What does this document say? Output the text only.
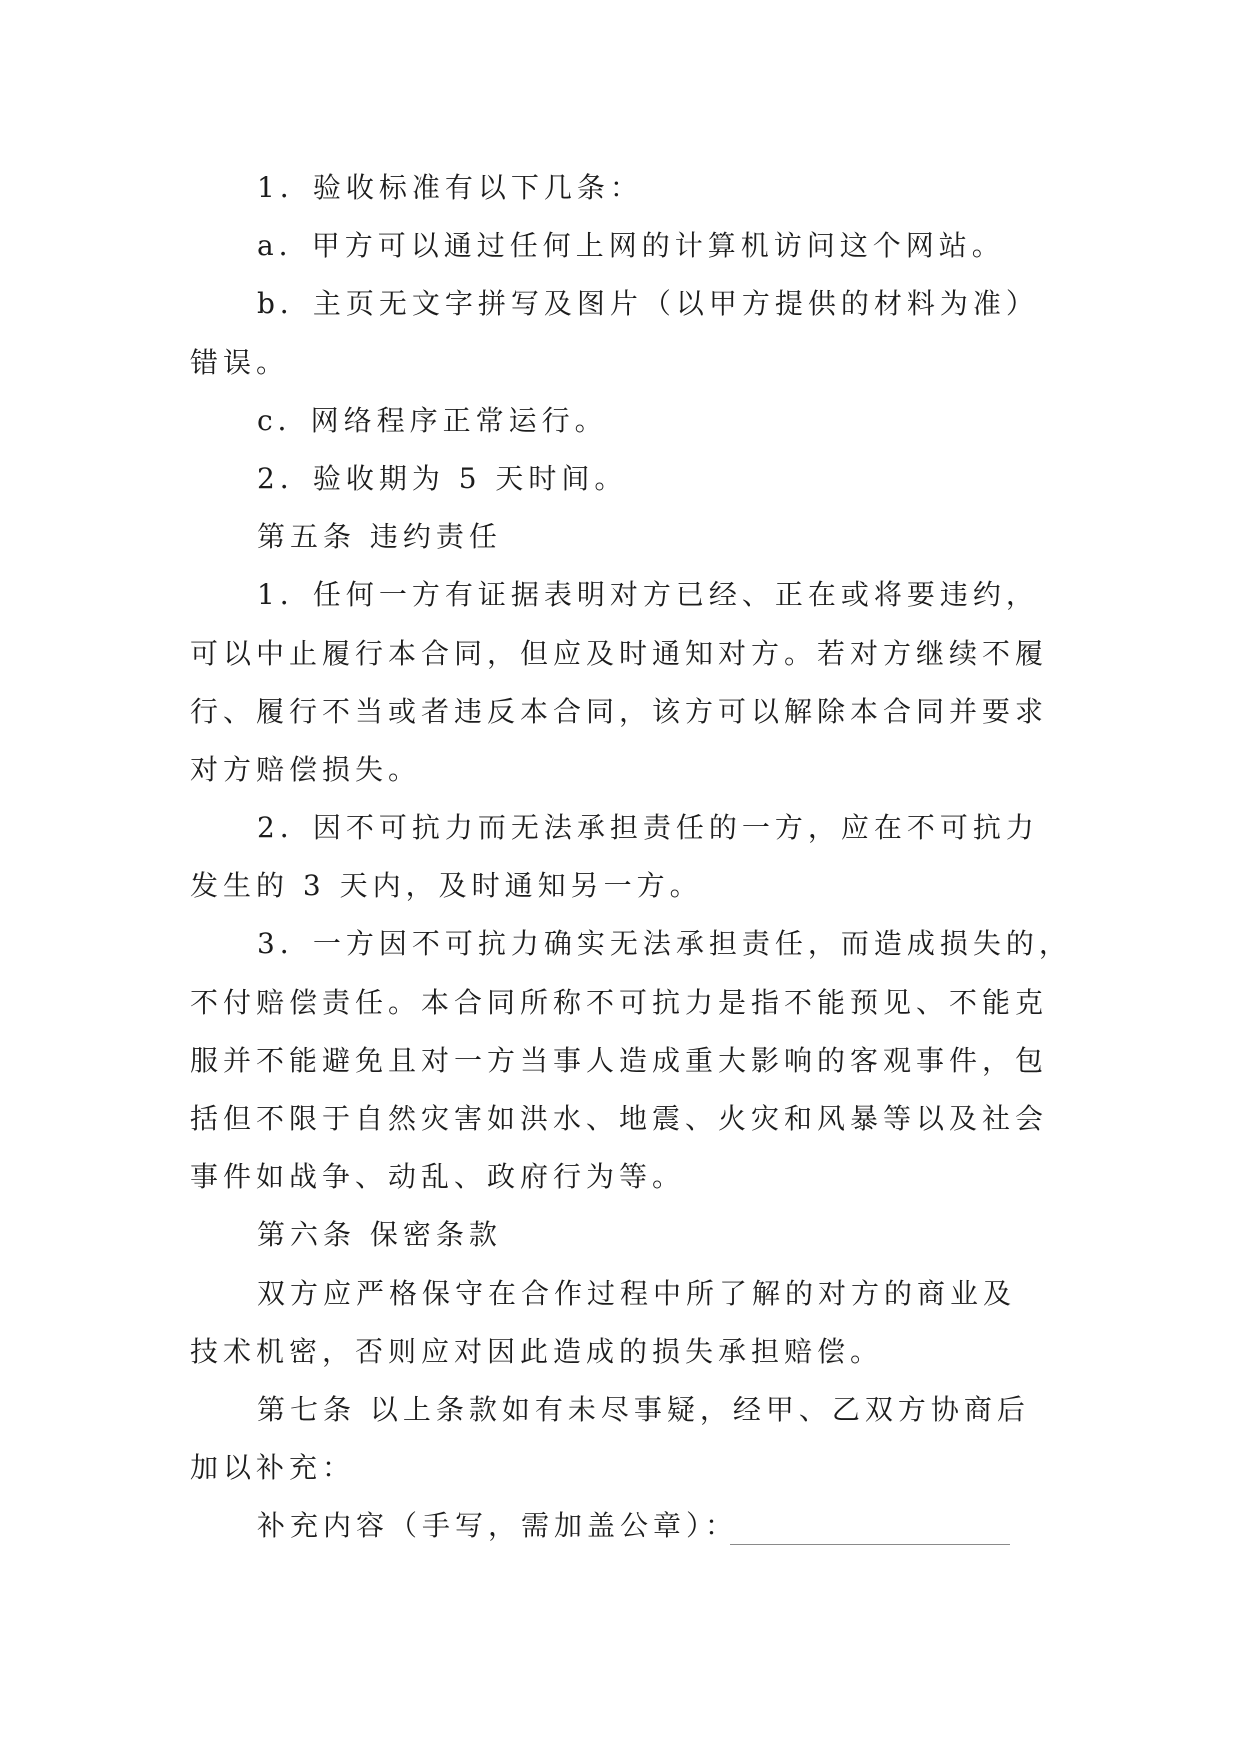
1．验收标准有以下几条：
a．甲方可以通过任何上网的计算机访问这个网站。
b．主页无文字拼写及图片（以甲方提供的材料为准）
错误。
c．网络程序正常运行。
2．验收期为 5 天时间。
第五条 违约责任
1．任何一方有证据表明对方已经、正在或将要违约，
可以中止履行本合同，但应及时通知对方。若对方继续不履
行、履行不当或者违反本合同，该方可以解除本合同并要求
对方赔偿损失。
2．因不可抗力而无法承担责任的一方，应在不可抗力
发生的 3 天内，及时通知另一方。
3．一方因不可抗力确实无法承担责任，而造成损失的，
不付赔偿责任。本合同所称不可抗力是指不能预见、不能克
服并不能避免且对一方当事人造成重大影响的客观事件，包
括但不限于自然灾害如洪水、地震、火灾和风暴等以及社会
事件如战争、动乱、政府行为等。
第六条 保密条款
双方应严格保守在合作过程中所了解的对方的商业及
技术机密，否则应对因此造成的损失承担赔偿。
第七条 以上条款如有未尽事疑，经甲、乙双方协商后
加以补充：
补充内容（手写，需加盖公章）：
